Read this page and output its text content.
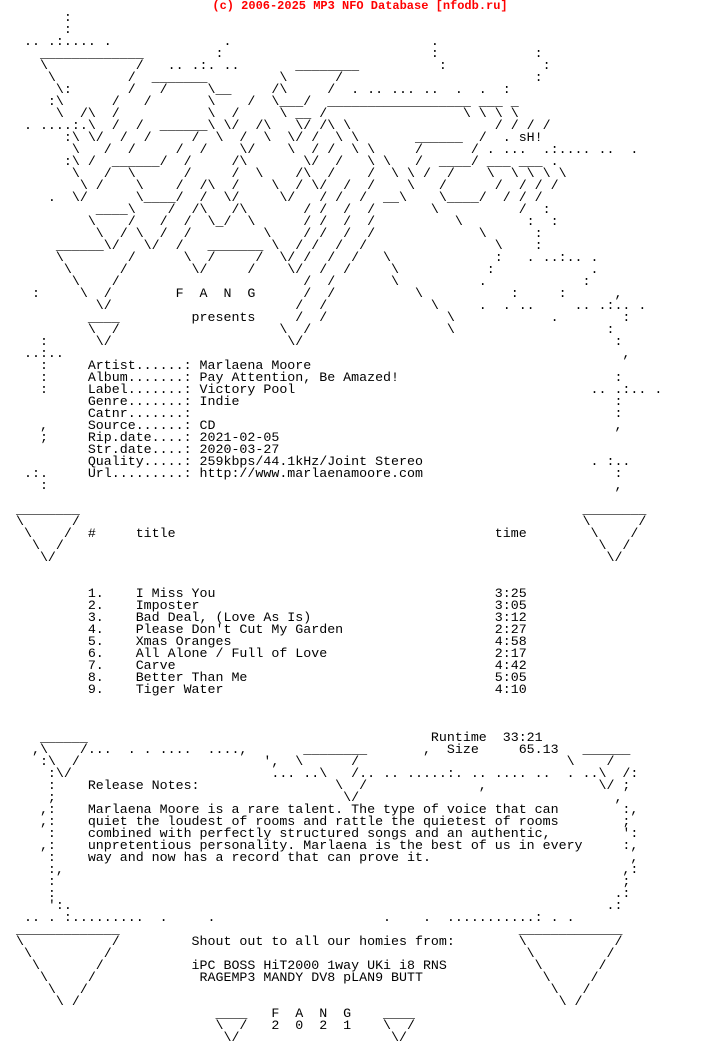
(c) 2006-2025 MP3 NFO Database [nfodb.ru]
:
:
.. .:.... .              .                         .
_____________         :                          :            :
\           /   .. .:. ..       ________          :            :
\         /  _______         \      /                        :
\:       /   /     \__     /\     /  . .. ... ..  .  .  :
:\      /   /       \    /  \___/  __________________ ___ _
\  /\  /           \  /     \ __ /                 \ \ \ \
. ....:.\  /  /  ______\ \/  /\   \/ /\ \                  / / / /
:\ \/  /  /     /  \  /  \  \/ /  \ \       ______  /  . sH!
\   /  /     /  /    \/    \  / /  \ \     /      / . ...  .:.... ..  .
:\ /  ______/  /     /\       \/  /   \ \   /  ____/ ___ ___ .
\   /  \      /     /  \    /\  /    /  \ \ /  /    \  \ \ \ \
\ /    \    /  /\  /    \  / \/  /  /    \   /      /  / / /
.  \/      \____/  /  \/     \/   / /  /  __\    \____/  / / /
____\    /  /\   /\       / /  /  /       \          /  :
\    /   /  /  \_/  \      / /  /  /          \        :  :
\  / \  /  /         \    / /  /  /             \      :
______\/   \/  /   _______ \  / /  /  /                \    :
\        /      \  /     /  \/ /  /  /   \             :   . ..:.. .
\      /        \/     /    \/  /  /     \           :            .
\    /                       /  /       \          .            :
:     \  /        F  A  N  G      /  /          \           :     :      ,
\/                       /  /             \     .  . ..     .. .:.. .
____         presents     /  /               \            .        :
\  /                    \  /                 \                   :
:      \/                      \/                                       :
..:..                                                                      ,
:     Artist......: Marlaena Moore
:     Album.......: Pay Attention, Be Amazed!                           :
:     Label.......: Victory Pool                                     .. .:.. .
Genre.......: Indie                                               :
Catnr.......:                                                     :
,     Source......: CD                                                  ,
;     Rip.date....: 2021-02-05
Str.date....: 2020-03-27
Quality.....: 259kbps/44.1kHz/Joint Stereo                     . :..
.:.     Url.........: http://www.marlaenamoore.com                        :
:                                                                       ,

________                                                               ________
\      /                                                               \      /
\    /  #     title                                        time        \    /
\  /                                                                   \  /
\/                                                                     \/

1.    I Miss You                                   3:25
2.    Imposter                                     3:05
3.    Bad Deal, (Love As Is)                       3:12
4.    Please Don't Cut My Garden                   2:27
5.    Xmas Oranges                                 4:58
6.    All Alone / Full of Love                     2:17
7.    Carve                                        4:42
8.    Better Than Me                               5:05
9.    Tiger Water                                  4:10

______                                           Runtime  33:21
,\    /...  . . ....  ....,       ________       ,  Size     65.13   ______
:\  /                       ',  \      /                          \    /
:\/                         ... ..\   /.. .. .....:. .. .... ..  . ..\  /:
:    Release Notes:                 \  /              ,              \/ ;
;                                    \/                                ,
,:    Marlaena Moore is a rare talent. The type of voice that can        :,
,:    quiet the loudest of rooms and rattle the quietest of rooms        ;
:    combined with perfectly structured songs and an authentic,         ':
,:    unpretentious personality. Marlaena is the best of us in every     :,
:    way and now has a record that can prove it.                         ,
:,                                                                      ,:
:                                                                       ;
:                                                                      .:
':.                                                                   .:
.. . :.........  .     .                     .    .  ...........: . .
_____________                                                  _____________
\           /         Shout out to all our homies from:        \           /
\         /                                                    \         /
\       /           iPC BOSS HiT2000 1way UKi i8 RNS           \       /
\     /             RAGEMP3 MANDY DV8 pLAN9 BUTT               \     /
\   /                                                          \   /
\ /                                                            \ /
____   F  A  N  G    ____
\  /   2  0  2  1    \  /
\/                   \/
